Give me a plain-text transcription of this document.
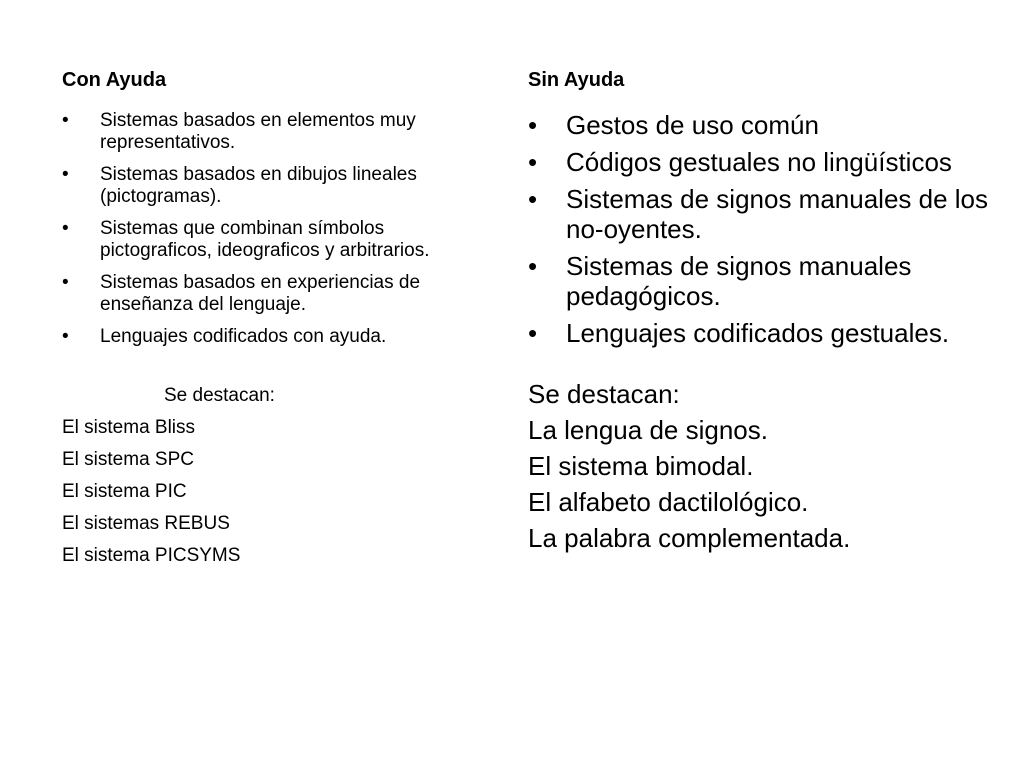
Con Ayuda
• Sistemas basados en elementos muy representativos.
• Sistemas basados en dibujos lineales (pictogramas).
• Sistemas que combinan símbolos pictograficos, ideograficos y arbitrarios.
• Sistemas basados en experiencias de enseñanza del lenguaje.
• Lenguajes codificados con ayuda.
Se destacan:
El sistema Bliss
El sistema SPC
El sistema PIC
El sistemas REBUS
El sistema PICSYMS
Sin Ayuda
• Gestos de uso común
• Códigos gestuales no lingüísticos
• Sistemas de signos manuales de los no-oyentes.
• Sistemas de signos manuales pedagógicos.
• Lenguajes codificados gestuales.
Se destacan:
La lengua de signos.
El sistema bimodal.
El alfabeto dactilológico.
La palabra complementada.
